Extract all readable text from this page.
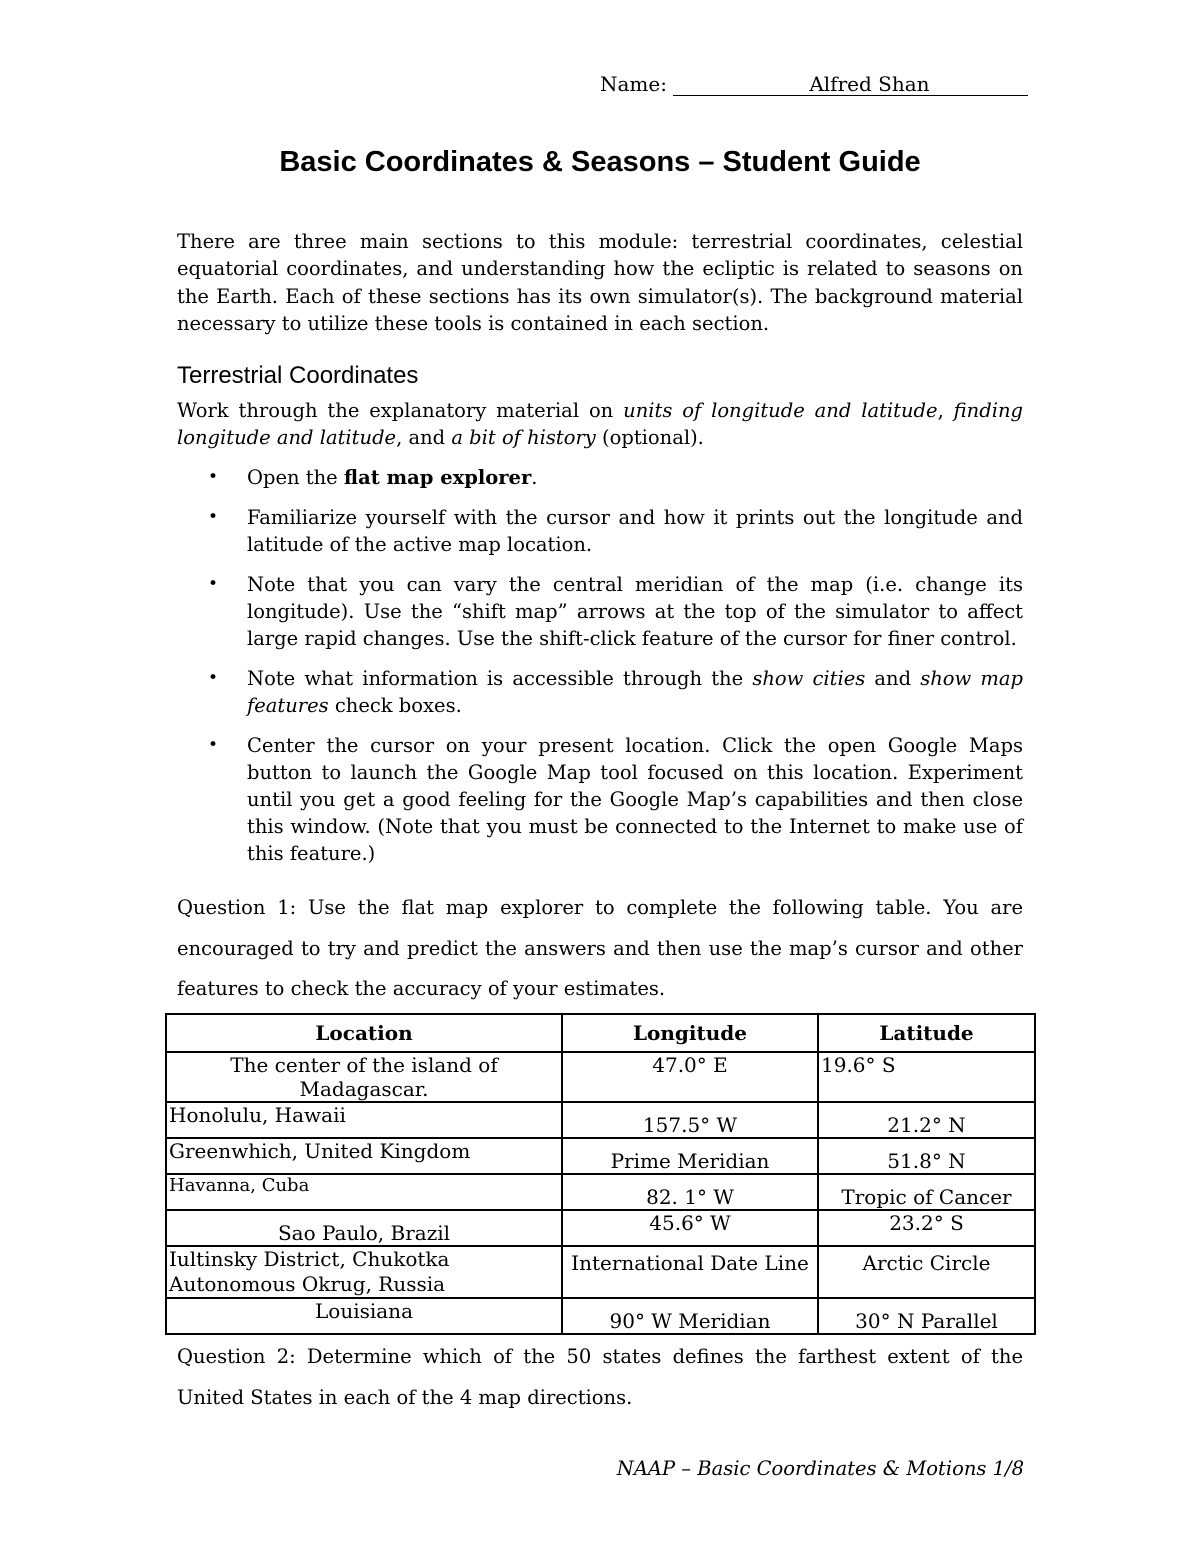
Name:	Alfred Shan
Basic Coordinates & Seasons – Student Guide
There are three main sections to this module: terrestrial coordinates, celestial equatorial coordinates, and understanding how the ecliptic is related to seasons on the Earth. Each of these sections has its own simulator(s). The background material necessary to utilize these tools is contained in each section.
Terrestrial Coordinates
Work through the explanatory material on units of longitude and latitude, finding longitude and latitude, and a bit of history (optional).
• Open the flat map explorer.
• Familiarize yourself with the cursor and how it prints out the longitude and latitude of the active map location.
• Note that you can vary the central meridian of the map (i.e. change its longitude). Use the “shift map” arrows at the top of the simulator to affect large rapid changes. Use the shift-click feature of the cursor for finer control.
• Note what information is accessible through the show cities and show map features check boxes.
• Center the cursor on your present location. Click the open Google Maps button to launch the Google Map tool focused on this location. Experiment until you get a good feeling for the Google Map’s capabilities and then close this window. (Note that you must be connected to the Internet to make use of this feature.)
Question 1: Use the flat map explorer to complete the following table. You are encouraged to try and predict the answers and then use the map’s cursor and other features to check the accuracy of your estimates.
Location	Longitude	Latitude
The center of the island of Madagascar.	47.0° E	19.6° S
Honolulu, Hawaii	157.5° W	21.2° N
Greenwhich, United Kingdom	Prime Meridian	51.8° N
Havanna, Cuba	82. 1° W	Tropic of Cancer
Sao Paulo, Brazil	45.6° W	23.2° S
Iultinsky District, Chukotka Autonomous Okrug, Russia	International Date Line	Arctic Circle
Louisiana	90° W Meridian	30° N Parallel
Question 2: Determine which of the 50 states defines the farthest extent of the United States in each of the 4 map directions.
NAAP – Basic Coordinates & Motions 1/8
